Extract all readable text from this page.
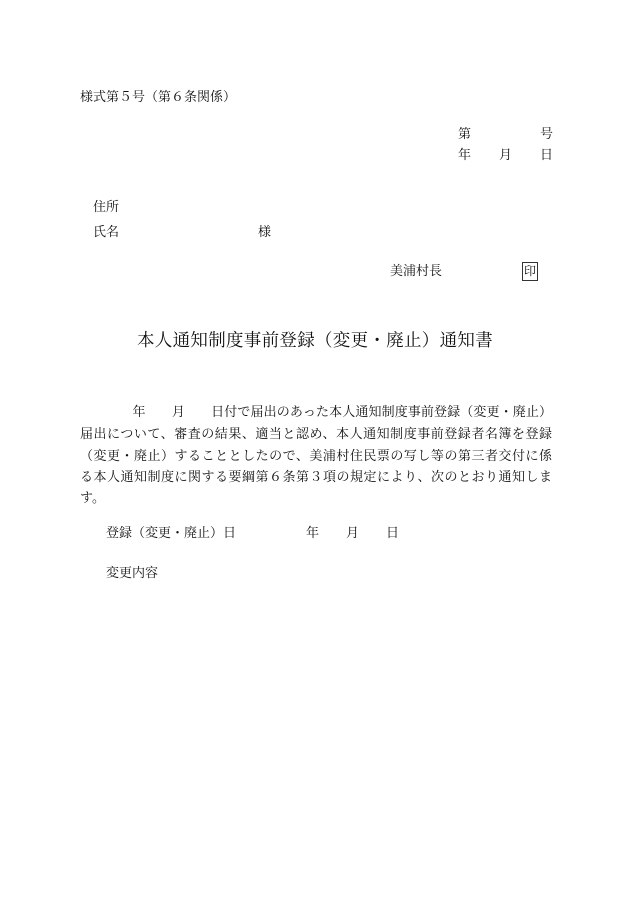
様式第５号（第６条関係）
第	号
年 月 日
住所
氏名	様
美浦村長	印
本人通知制度事前登録（変更・廃止）通知書
　　　　年　　月　　日付で届出のあった本人通知制度事前登録（変更・廃止）
届出について、審査の結果、適当と認め、本人通知制度事前登録者名簿を登録
（変更・廃止）することとしたので、美浦村住民票の写し等の第三者交付に係
る本人通知制度に関する要綱第６条第３項の規定により、次のとおり通知しま
す。
登録（変更・廃止）日	年 月 日
変更内容
